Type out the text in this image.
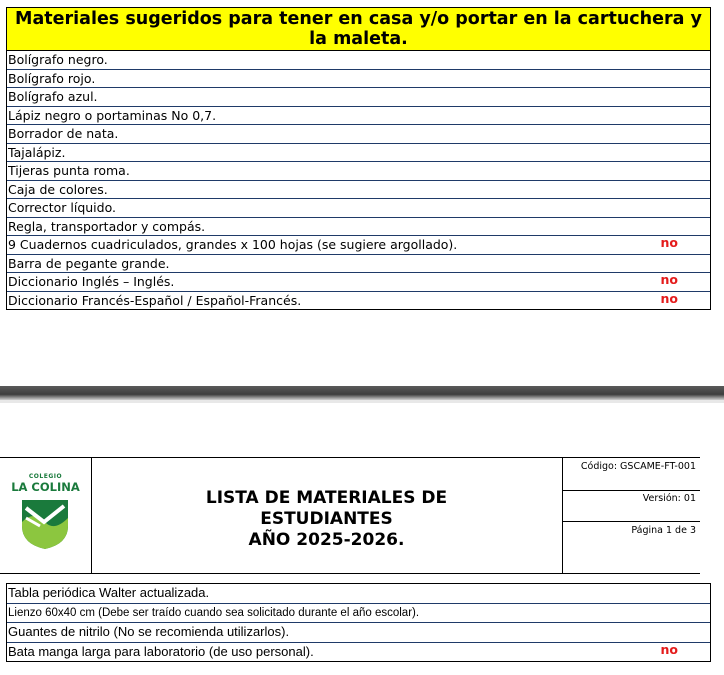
Materiales sugeridos para tener en casa y/o portar en la cartuchera y la maleta.
Bolígrafo negro.
Bolígrafo rojo.
Bolígrafo azul.
Lápiz negro o portaminas No 0,7.
Borrador de nata.
Tajalápiz.
Tijeras punta roma.
Caja de colores.
Corrector líquido.
Regla, transportador y compás.
9 Cuadernos cuadriculados, grandes x 100 hojas (se sugiere argollado).	no
Barra de pegante grande.
Diccionario Inglés – Inglés.	no
Diccionario Francés-Español / Español-Francés.	no
COLEGIO
LA COLINA
LISTA DE MATERIALES DE
ESTUDIANTES
AÑO 2025-2026.
Código: GSCAME-FT-001
Versión: 01
Página 1 de 3
Tabla periódica Walter actualizada.
Lienzo 60x40 cm (Debe ser traído cuando sea solicitado durante el año escolar).
Guantes de nitrilo (No se recomienda utilizarlos).
Bata manga larga para laboratorio (de uso personal).	no
